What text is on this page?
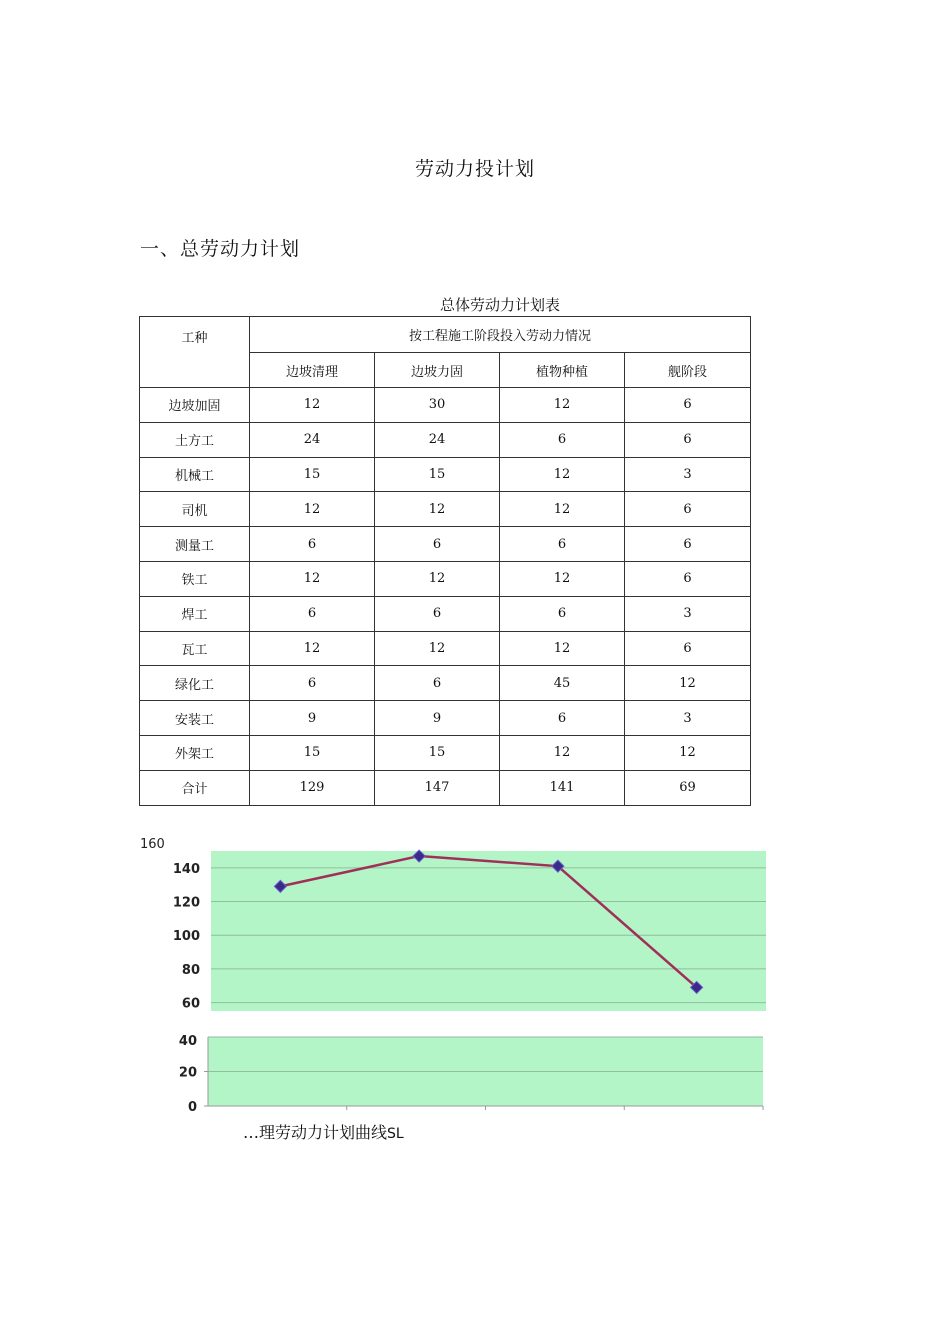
劳动力投计划
一、总劳动力计划
总体劳动力计划表
工种	按工程施工阶段投入劳动力情况			
	边坡清理	边坡力固	植物种植	舰阶段
边坡加固	12	30	12	6
土方工	24	24	6	6
机械工	15	15	12	3
司机	12	12	12	6
测量工	6	6	6	6
铁工	12	12	12	6
焊工	6	6	6	3
瓦工	12	12	12	6
绿化工	6	6	45	12
安装工	9	9	6	3
外架工	15	15	12	12
合计	129	147	141	69
0
20
40
60
80
100
120
140
160
…理劳动力计划曲线SL
